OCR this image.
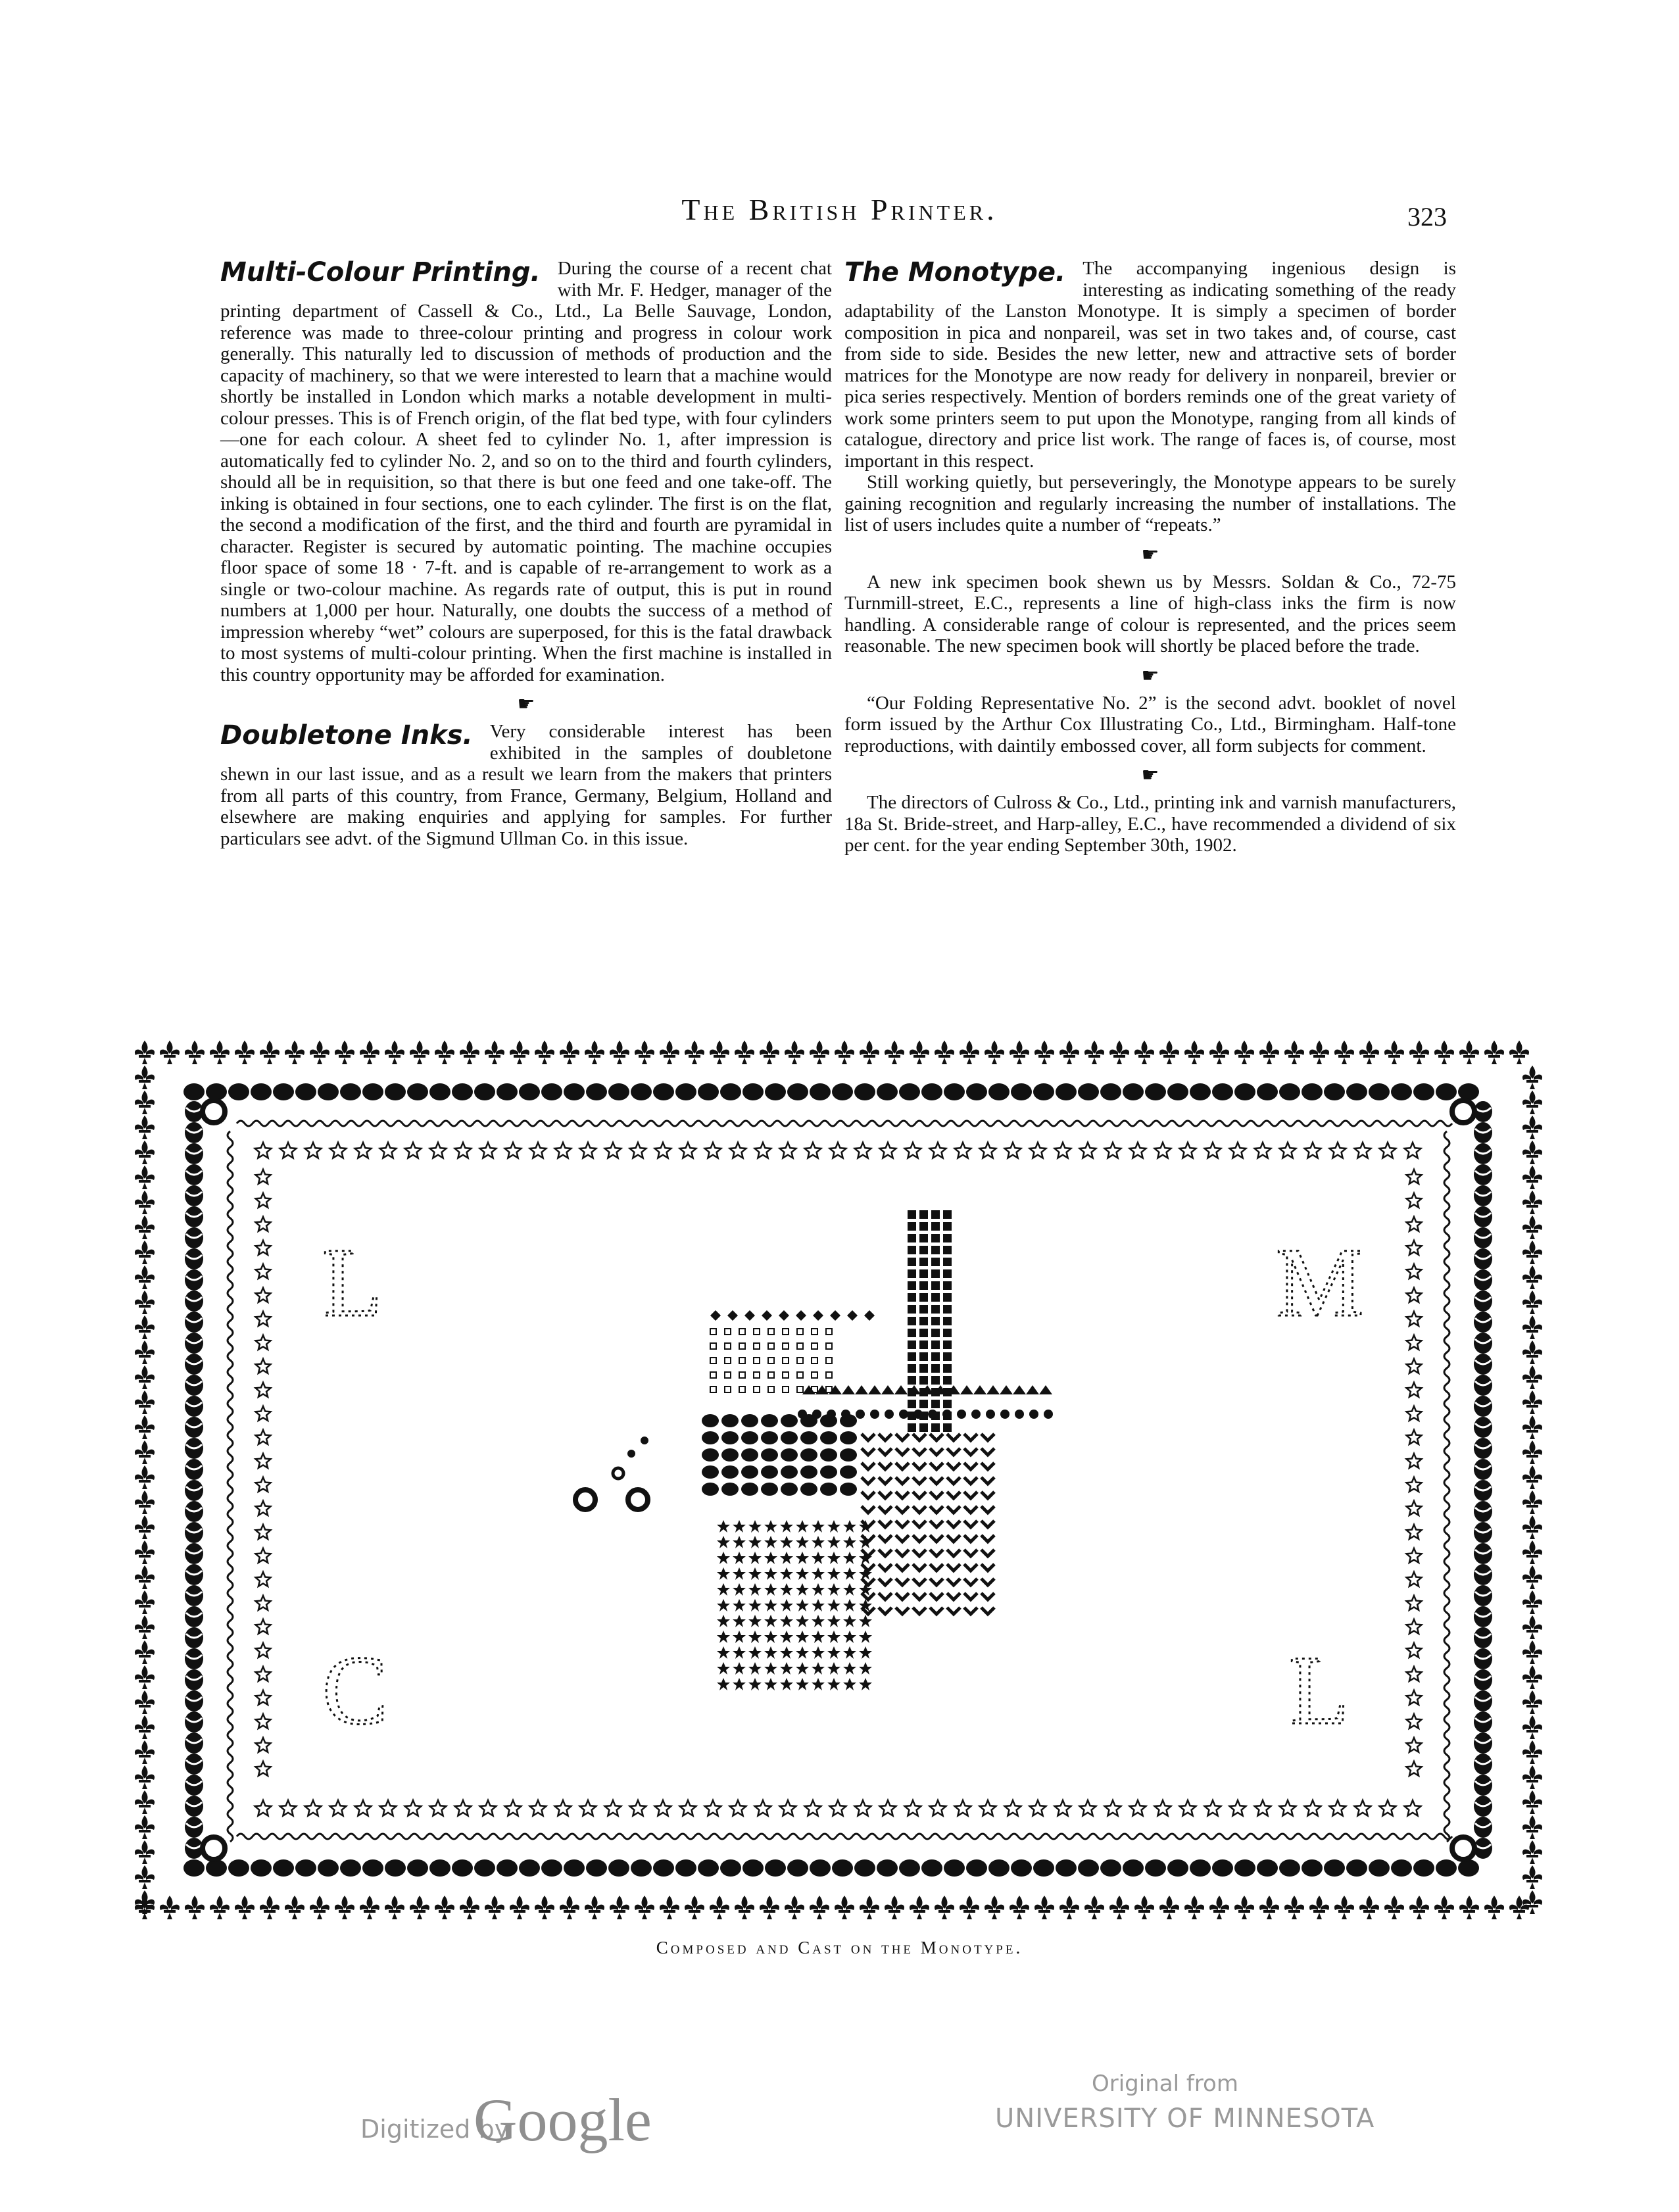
The British Printer.	323
Multi-Colour Printing. During the course of a recent chat with Mr. F. Hedger, manager of the printing department of Cassell & Co., Ltd., La Belle Sauvage, London, reference was made to three-colour printing and progress in colour work generally. This naturally led to discussion of methods of production and the capacity of machinery, so that we were interested to learn that a machine would shortly be installed in London which marks a notable development in multi-colour presses. This is of French origin, of the flat bed type, with four cylinders—one for each colour. A sheet fed to cylinder No. 1, after impression is automatically fed to cylinder No. 2, and so on to the third and fourth cylinders, should all be in requisition, so that there is but one feed and one take-off. The inking is obtained in four sections, one to each cylinder. The first is on the flat, the second a modification of the first, and the third and fourth are pyramidal in character. Register is secured by automatic pointing. The machine occupies floor space of some 18 · 7-ft. and is capable of re-arrangement to work as a single or two-colour machine. As regards rate of output, this is put in round numbers at 1,000 per hour. Naturally, one doubts the success of a method of impression whereby “wet” colours are superposed, for this is the fatal drawback to most systems of multi-colour printing. When the first machine is installed in this country opportunity may be afforded for examination.

☛
Doubletone Inks. Very considerable interest has been exhibited in the samples of doubletone shewn in our last issue, and as a result we learn from the makers that printers from all parts of this country, from France, Germany, Belgium, Holland and elsewhere are making enquiries and applying for samples. For further particulars see advt. of the Sigmund Ullman Co. in this issue.

The Monotype. The accompanying ingenious design is interesting as indicating something of the ready adaptability of the Lanston Monotype. It is simply a specimen of border composition in pica and nonpareil, was set in two takes and, of course, cast from side to side. Besides the new letter, new and attractive sets of border matrices for the Monotype are now ready for delivery in nonpareil, brevier or pica series respectively. Mention of borders reminds one of the great variety of work some printers seem to put upon the Monotype, ranging from all kinds of catalogue, directory and price list work. The range of faces is, of course, most important in this respect.

Still working quietly, but perseveringly, the Monotype appears to be surely gaining recognition and regularly increasing the number of installations. The list of users includes quite a number of “repeats.”

☛

A new ink specimen book shewn us by Messrs. Soldan & Co., 72-75 Turnmill-street, E.C., represents a line of high-class inks the firm is now handling. A considerable range of colour is represented, and the prices seem reasonable. The new specimen book will shortly be placed before the trade.

☛

“Our Folding Representative No. 2” is the second advt. booklet of novel form issued by the Arthur Cox Illustrating Co., Ltd., Birmingham. Half-tone reproductions, with daintily embossed cover, all form subjects for comment.

☛

The directors of Culross & Co., Ltd., printing ink and varnish manufacturers, 18a St. Bride-street, and Harp-alley, E.C., have recommended a dividend of six per cent. for the year ending September 30th, 1902.

L	M
C	L
Composed and Cast on the Monotype.
Digitized by
Google
Original from
UNIVERSITY OF MINNESOTA
